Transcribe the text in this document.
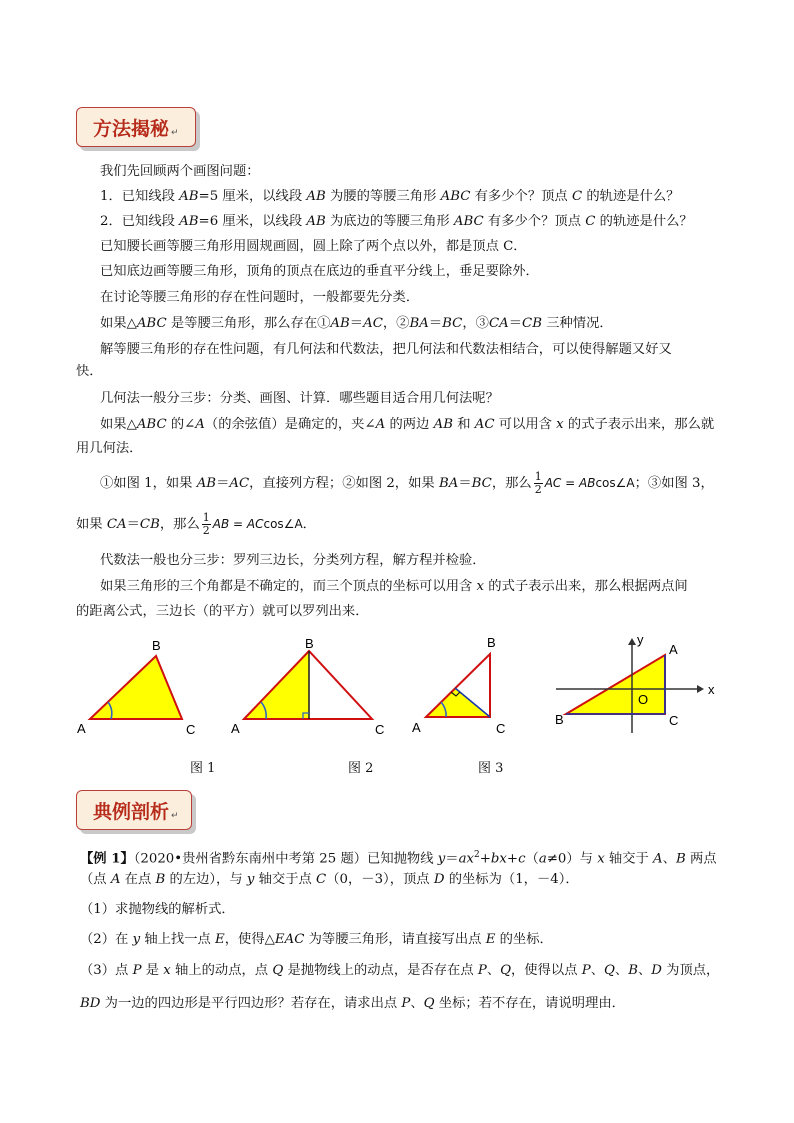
方法揭秘 ↵
我们先回顾两个画图问题：
1．已知线段 AB=5 厘米，以线段 AB 为腰的等腰三角形 ABC 有多少个？顶点 C 的轨迹是什么？
2．已知线段 AB=6 厘米，以线段 AB 为底边的等腰三角形 ABC 有多少个？顶点 C 的轨迹是什么？
已知腰长画等腰三角形用圆规画圆，圆上除了两个点以外，都是顶点 C．
已知底边画等腰三角形，顶角的顶点在底边的垂直平分线上，垂足要除外．
在讨论等腰三角形的存在性问题时，一般都要先分类．
如果△ABC 是等腰三角形，那么存在①AB＝AC，②BA＝BC，③CA＝CB 三种情况．
解等腰三角形的存在性问题，有几何法和代数法，把几何法和代数法相结合，可以使得解题又好又
快．
几何法一般分三步：分类、画图、计算．哪些题目适合用几何法呢？
如果△ABC 的∠A（的余弦值）是确定的，夹∠A 的两边 AB 和 AC 可以用含 x 的式子表示出来，那么就
用几何法．
①如图 1，如果 AB＝AC，直接列方程；②如图 2，如果 BA＝BC，那么 $\frac{1}{2}$ AC = ABcos∠A；③如图 3，
如果 CA＝CB，那么 $\frac{1}{2}$ AB = ACcos∠A．
代数法一般也分三步：罗列三边长，分类列方程，解方程并检验．
如果三角形的三个角都是不确定的，而三个顶点的坐标可以用含 x 的式子表示出来，那么根据两点间
的距离公式，三边长（的平方）就可以罗列出来．
A
B
C	A
B
C A
B
C
x
y
O
A
B	C
图 1	图 2	图 3
典例剖析 ↵
【例 1】（2020•贵州省黔东南州中考第 25 题）已知抛物线 $y=ax^2+bx+c(a\ne 0)$与 x 轴交于 A、B 两点
（点 A 在点 B 的左边），与 y 轴交于点 C（0，－3），顶点 D 的坐标为（1，－4）．
（1）求抛物线的解析式．
（2）在 y 轴上找一点 E，使得△EAC 为等腰三角形，请直接写出点 E 的坐标．
（3）点 P 是 x 轴上的动点，点 Q 是抛物线上的动点，是否存在点 P、Q，使得以点 P、Q、B、D 为顶点，
BD 为一边的四边形是平行四边形？若存在，请求出点 P、Q 坐标；若不存在，请说明理由．
